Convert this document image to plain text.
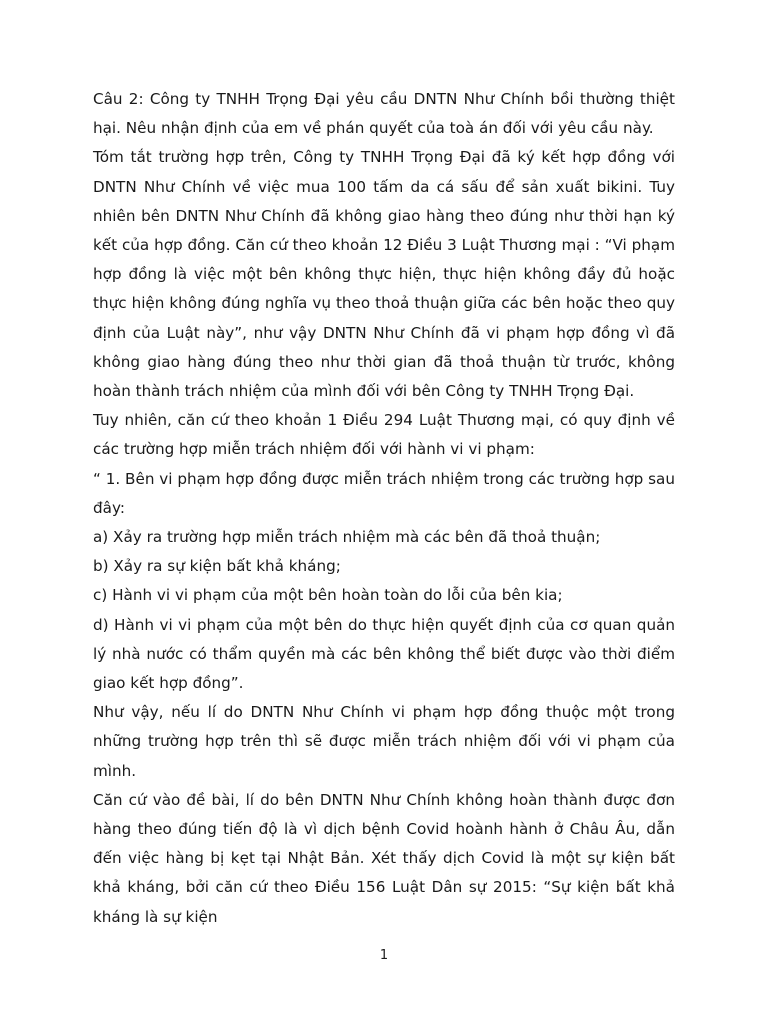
Câu 2: Công ty TNHH Trọng Đại yêu cầu DNTN Như Chính bồi thường thiệt hại. Nêu nhận định của em về phán quyết của toà án đối với yêu cầu này.

Tóm tắt trường hợp trên, Công ty TNHH Trọng Đại đã ký kết hợp đồng với DNTN Như Chính về việc mua 100 tấm da cá sấu để sản xuất bikini. Tuy nhiên bên DNTN Như Chính đã không giao hàng theo đúng như thời hạn ký kết của hợp đồng. Căn cứ theo khoản 12 Điều 3 Luật Thương mại : “Vi phạm hợp đồng là việc một bên không thực hiện, thực hiện không đầy đủ hoặc thực hiện không đúng nghĩa vụ theo thoả thuận giữa các bên hoặc theo quy định của Luật này”, như vậy DNTN Như Chính đã vi phạm hợp đồng vì đã không giao hàng đúng theo như thời gian đã thoả thuận từ trước, không hoàn thành trách nhiệm của mình đối với bên Công ty TNHH Trọng Đại.

Tuy nhiên, căn cứ theo khoản 1 Điều 294 Luật Thương mại, có quy định về các trường hợp miễn trách nhiệm đối với hành vi vi phạm:

“ 1. Bên vi phạm hợp đồng được miễn trách nhiệm trong các trường hợp sau đây:

a) Xảy ra trường hợp miễn trách nhiệm mà các bên đã thoả thuận;

b) Xảy ra sự kiện bất khả kháng;

c) Hành vi vi phạm của một bên hoàn toàn do lỗi của bên kia;

d) Hành vi vi phạm của một bên do thực hiện quyết định của cơ quan quản lý nhà nước có thẩm quyền mà các bên không thể biết được vào thời điểm giao kết hợp đồng”.

Như vậy, nếu lí do DNTN Như Chính vi phạm hợp đồng thuộc một trong những trường hợp trên thì sẽ được miễn trách nhiệm đối với vi phạm của mình.

Căn cứ vào đề bài, lí do bên DNTN Như Chính không hoàn thành được đơn hàng theo đúng tiến độ là vì dịch bệnh Covid hoành hành ở Châu Âu, dẫn đến việc hàng bị kẹt tại Nhật Bản. Xét thấy dịch Covid là một sự kiện bất khả kháng, bởi căn cứ theo Điều 156 Luật Dân sự 2015: “Sự kiện bất khả kháng là sự kiện

1
